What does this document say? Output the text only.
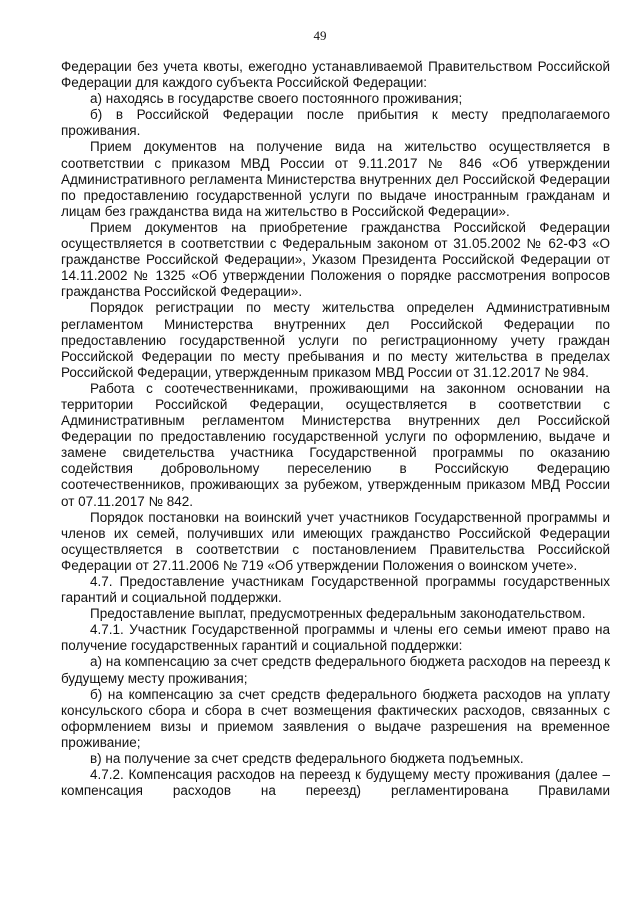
49

Федерации без учета квоты, ежегодно устанавливаемой Правительством Российской Федерации для каждого субъекта Российской Федерации:

а) находясь в государстве своего постоянного проживания;

б) в Российской Федерации после прибытия к месту предполагаемого проживания.

Прием документов на получение вида на жительство осуществляется в соответствии с приказом МВД России от 9.11.2017 № 846 «Об утверждении Административного регламента Министерства внутренних дел Российской Федерации по предоставлению государственной услуги по выдаче иностранным гражданам и лицам без гражданства вида на жительство в Российской Федерации».

Прием документов на приобретение гражданства Российской Федерации осуществляется в соответствии с Федеральным законом от 31.05.2002 № 62-ФЗ «О гражданстве Российской Федерации», Указом Президента Российской Федерации от 14.11.2002 № 1325 «Об утверждении Положения о порядке рассмотрения вопросов гражданства Российской Федерации».

Порядок регистрации по месту жительства определен Административным регламентом Министерства внутренних дел Российской Федерации по предоставлению государственной услуги по регистрационному учету граждан Российской Федерации по месту пребывания и по месту жительства в пределах Российской Федерации, утвержденным приказом МВД России от 31.12.2017 № 984.

Работа с соотечественниками, проживающими на законном основании на территории Российской Федерации, осуществляется в соответствии с Административным регламентом Министерства внутренних дел Российской Федерации по предоставлению государственной услуги по оформлению, выдаче и замене свидетельства участника Государственной программы по оказанию содействия добровольному переселению в Российскую Федерацию соотечественников, проживающих за рубежом, утвержденным приказом МВД России от 07.11.2017 № 842.

Порядок постановки на воинский учет участников Государственной программы и членов их семей, получивших или имеющих гражданство Российской Федерации осуществляется в соответствии с постановлением Правительства Российской Федерации от 27.11.2006 № 719 «Об утверждении Положения о воинском учете».

4.7. Предоставление участникам Государственной программы государственных гарантий и социальной поддержки.

Предоставление выплат, предусмотренных федеральным законодательством.

4.7.1. Участник Государственной программы и члены его семьи имеют право на получение государственных гарантий и социальной поддержки:

а) на компенсацию за счет средств федерального бюджета расходов на переезд к будущему месту проживания;

б) на компенсацию за счет средств федерального бюджета расходов на уплату консульского сбора и сбора в счет возмещения фактических расходов, связанных с оформлением визы и приемом заявления о выдаче разрешения на временное проживание;

в) на получение за счет средств федерального бюджета подъемных.

4.7.2. Компенсация расходов на переезд к будущему месту проживания (далее – компенсация расходов на переезд) регламентирована Правилами
